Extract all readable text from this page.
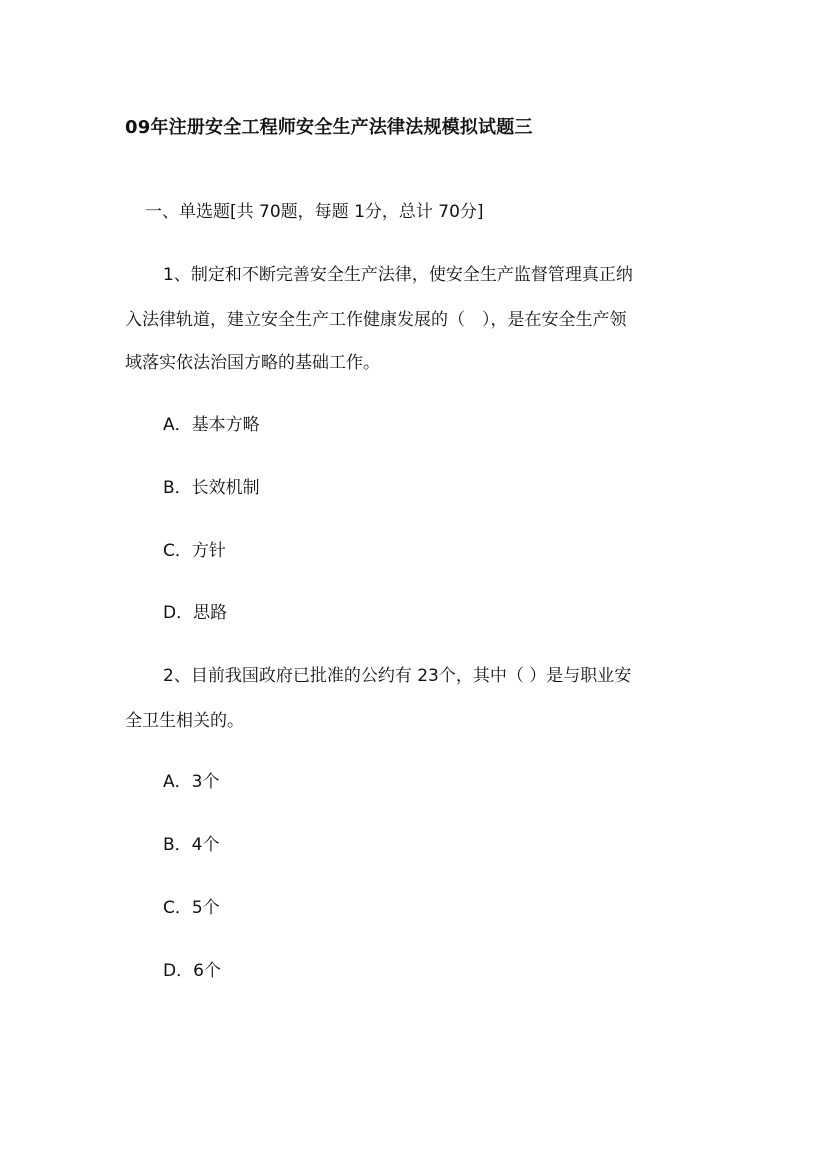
09年注册安全工程师安全生产法律法规模拟试题三
一、单选题[共 70题，每题 1分，总计 70分]
1、制定和不断完善安全生产法律，使安全生产监督管理真正纳
入法律轨道，建立安全生产工作健康发展的（　），是在安全生产领
域落实依法治国方略的基础工作。
A．基本方略
B．长效机制
C．方针
D．思路
2、目前我国政府已批准的公约有 23个，其中（ ）是与职业安
全卫生相关的。
A．3个
B．4个
C．5个
D．6个
